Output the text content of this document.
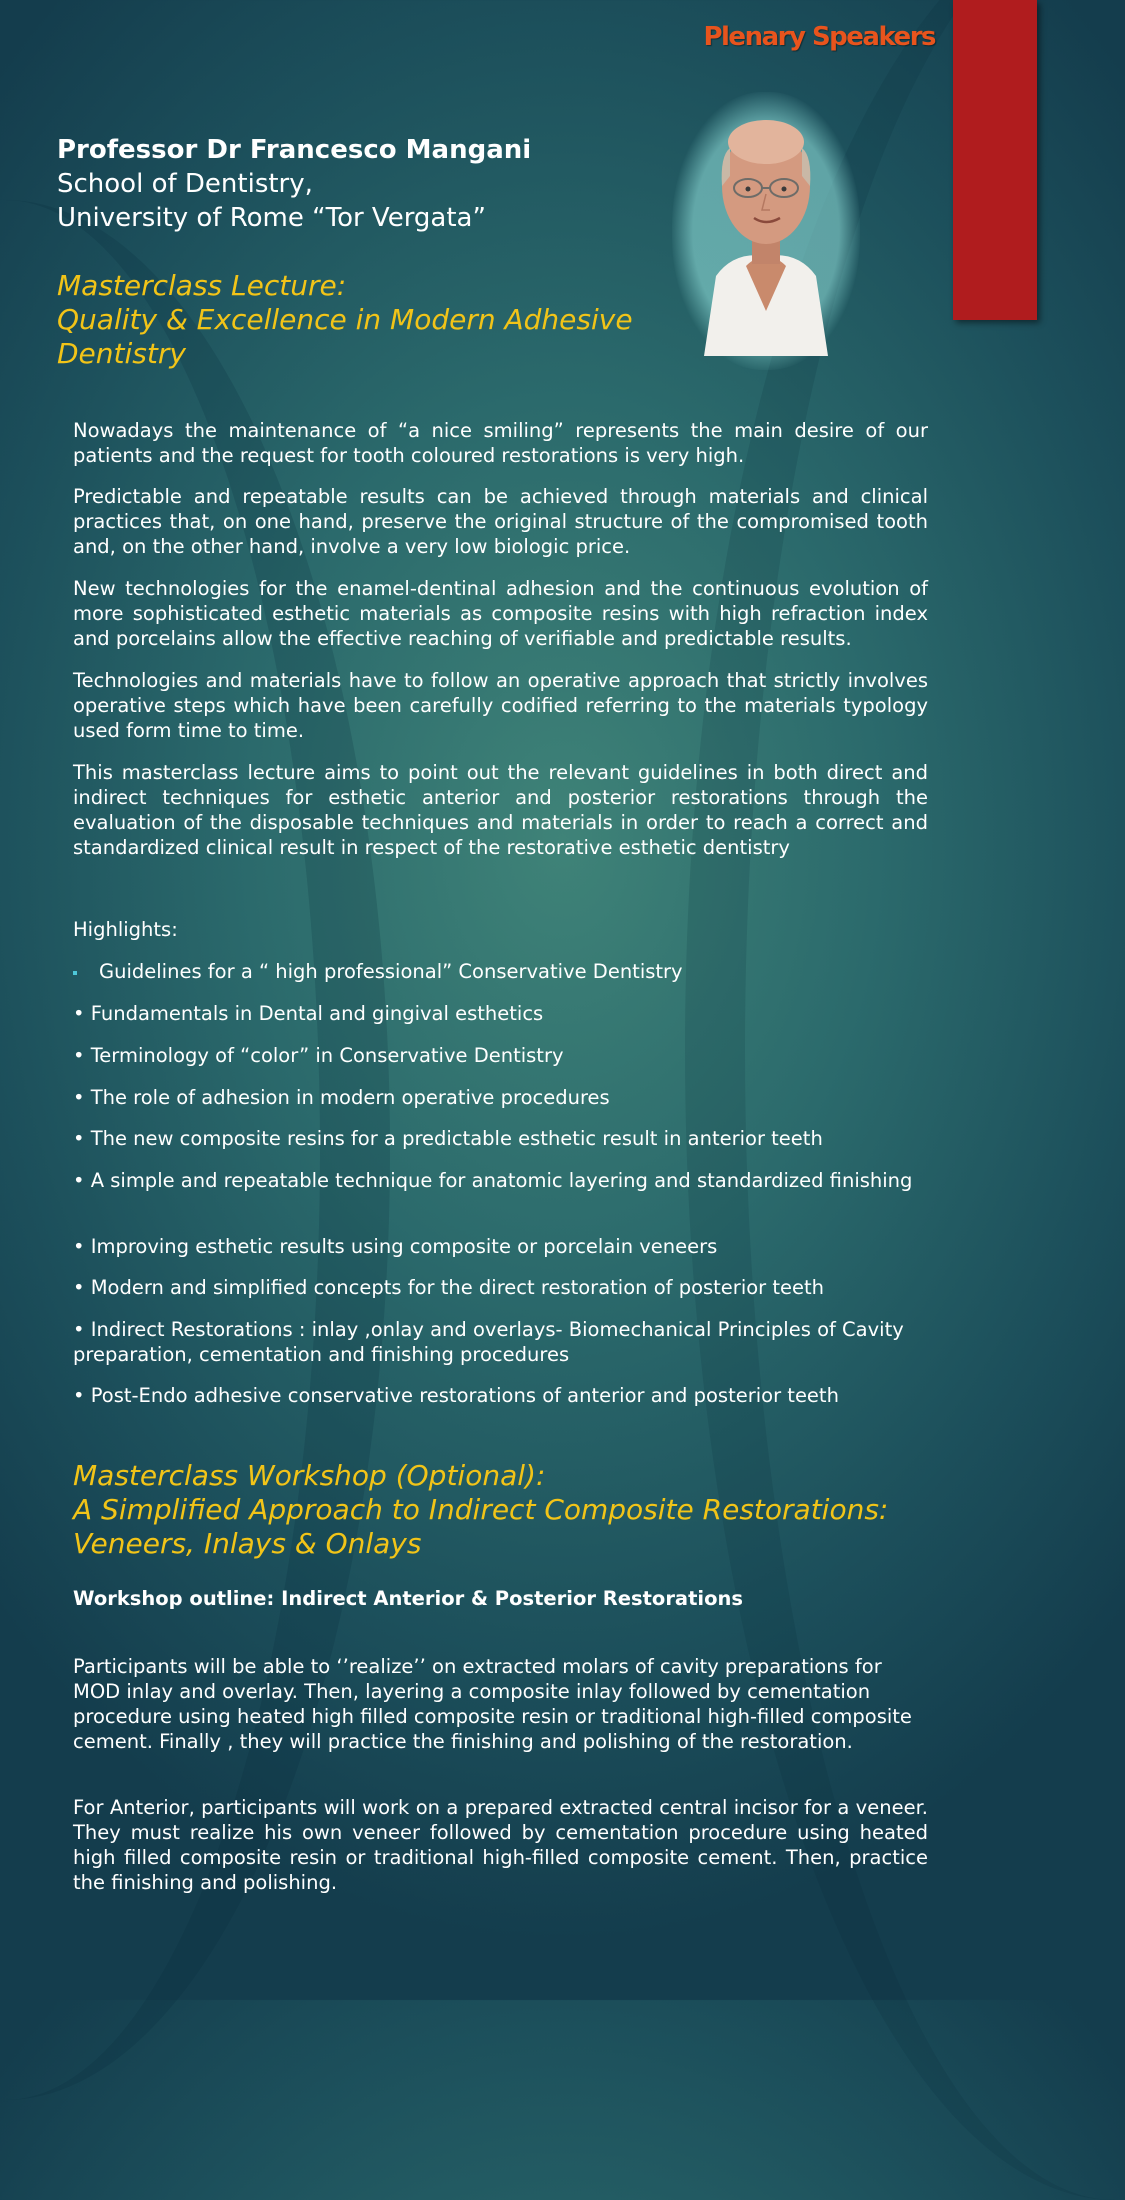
Plenary Speakers
Professor Dr Francesco Mangani
School of Dentistry,
University of Rome “Tor Vergata”
Masterclass Lecture:
Quality & Excellence in Modern Adhesive
Dentistry

Nowadays the maintenance of “a nice smiling” represents the main desire of our patients and the request for tooth coloured restorations is very high.

Predictable and repeatable results can be achieved through materials and clinical practices that, on one hand, preserve the original structure of the compromised tooth and, on the other hand, involve a very low biologic price.

New technologies for the enamel-dentinal adhesion and the continuous evolution of more sophisticated esthetic materials as composite resins with high refraction index and porcelains allow the effective reaching of verifiable and predictable results.

Technologies and materials have to follow an operative approach that strictly involves operative steps which have been carefully codified referring to the materials typology used form time to time.

This masterclass lecture aims to point out the relevant guidelines in both direct and indirect techniques for esthetic anterior and posterior restorations through the evaluation of the disposable techniques and materials in order to reach a correct and standardized clinical result in respect of the restorative esthetic dentistry

Highlights:

Guidelines for a “ high professional” Conservative Dentistry

• Fundamentals in Dental and gingival esthetics

• Terminology of “color” in Conservative Dentistry

• The role of adhesion in modern operative procedures

• The new composite resins for a predictable esthetic result in anterior teeth

• A simple and repeatable technique for anatomic layering and standardized finishing

• Improving esthetic results using composite or porcelain veneers

• Modern and simplified concepts for the direct restoration of posterior teeth

• Indirect Restorations : inlay ,onlay and overlays- Biomechanical Principles of Cavity preparation, cementation and finishing procedures

• Post-Endo adhesive conservative restorations of anterior and posterior teeth

Masterclass Workshop (Optional):
A Simplified Approach to Indirect Composite Restorations:
Veneers, Inlays & Onlays
Workshop outline: Indirect Anterior & Posterior Restorations

Participants will be able to ‘’realize’’ on extracted molars of cavity preparations for MOD inlay and overlay. Then, layering a composite inlay followed by cementation procedure using heated high filled composite resin or traditional high-filled composite cement. Finally , they will practice the finishing and polishing of the restoration.

For Anterior, participants will work on a prepared extracted central incisor for a veneer. They must realize his own veneer followed by cementation procedure using heated high filled composite resin or traditional high-filled composite cement. Then, practice the finishing and polishing.
